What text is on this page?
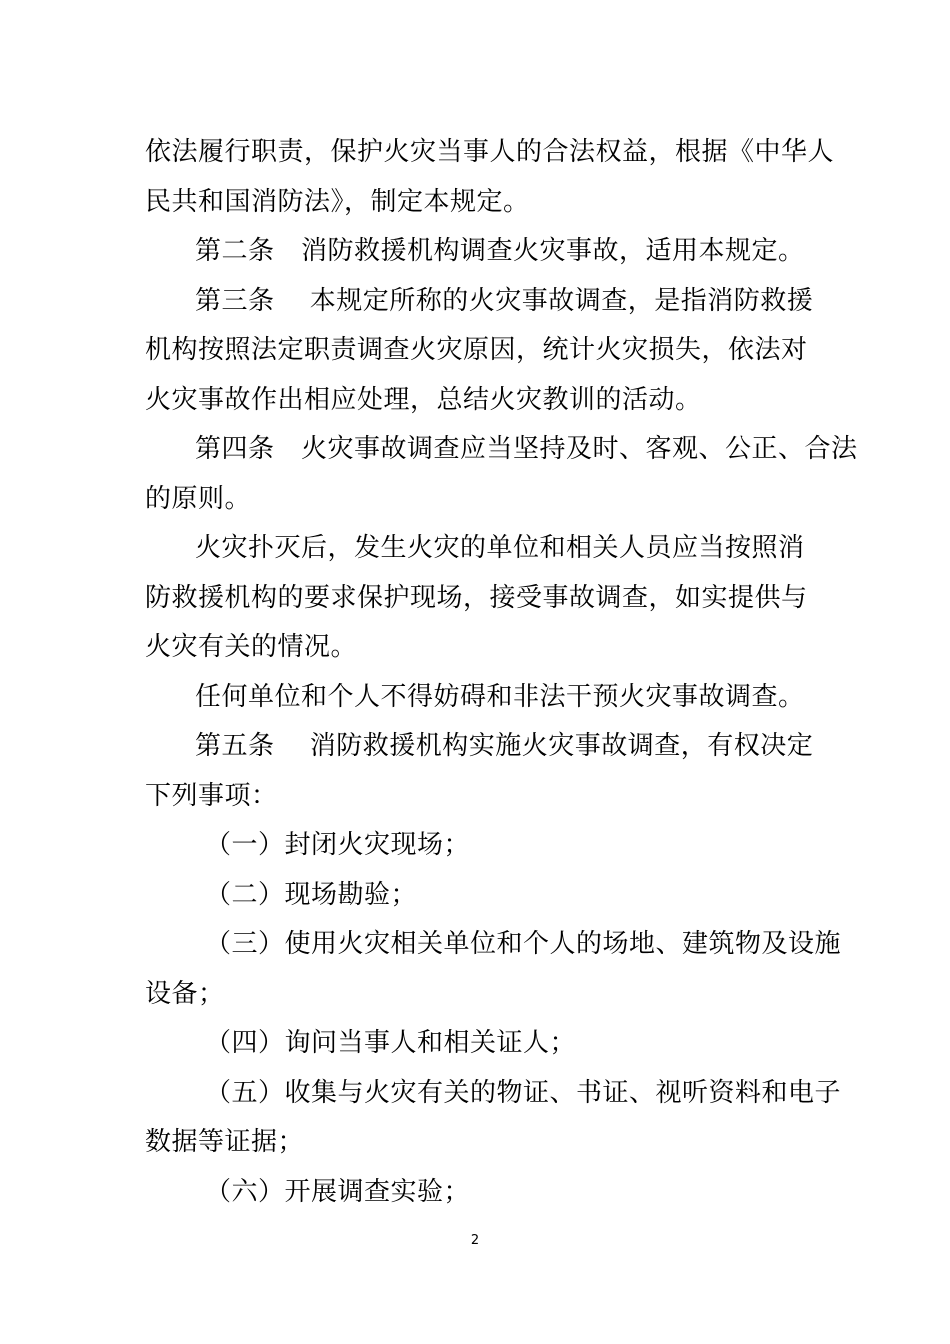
依法履行职责，保护火灾当事人的合法权益，根据《中华人
民共和国消防法》，制定本规定。
第二条　消防救援机构调查火灾事故，适用本规定。
第三条　 本规定所称的火灾事故调查，是指消防救援
机构按照法定职责调查火灾原因，统计火灾损失，依法对
火灾事故作出相应处理，总结火灾教训的活动。
第四条　火灾事故调查应当坚持及时、客观、公正、合法
的原则。
火灾扑灭后，发生火灾的单位和相关人员应当按照消
防救援机构的要求保护现场，接受事故调查，如实提供与
火灾有关的情况。
任何单位和个人不得妨碍和非法干预火灾事故调查。
第五条　 消防救援机构实施火灾事故调查，有权决定
下列事项：
（一）封闭火灾现场；
（二）现场勘验；
（三）使用火灾相关单位和个人的场地、建筑物及设施
设备；
（四）询问当事人和相关证人；
（五）收集与火灾有关的物证、书证、视听资料和电子
数据等证据；
（六）开展调查实验；
2
